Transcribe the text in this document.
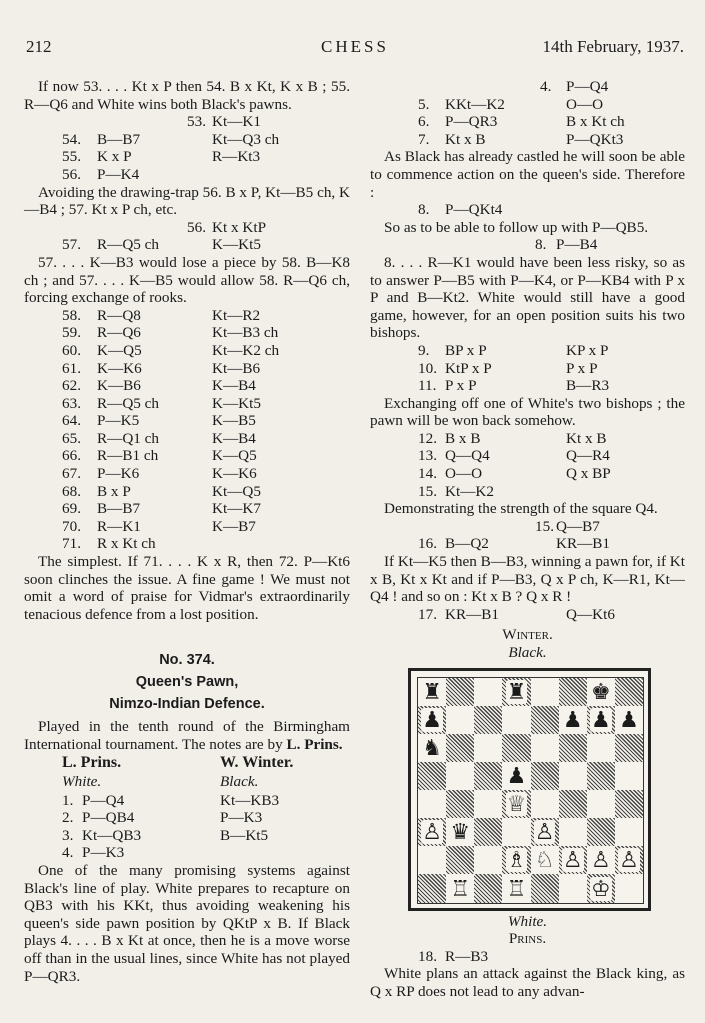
212	CHESS	14th February, 1937.

If now 53. . . . Kt x P then 54. B x Kt, K x B ; 55. R—Q6 and White wins both Black's pawns.

53. Kt—K1
54. B—B7	Kt—Q3 ch
55. K x P	R—Kt3
56. P—K4

Avoiding the drawing-trap 56. B x P, Kt—B5 ch, K—B4 ; 57. Kt x P ch, etc.

56. Kt x KtP
57. R—Q5 ch	K—Kt5

57. . . . K—B3 would lose a piece by 58. B—K8 ch ; and 57. . . . K—B5 would allow 58. R—Q6 ch, forcing exchange of rooks.

58. R—Q8	Kt—R2
59. R—Q6	Kt—B3 ch
60. K—Q5	Kt—K2 ch
61. K—K6	Kt—B6
62. K—B6	K—B4
63. R—Q5 ch	K—Kt5
64. P—K5	K—B5
65. R—Q1 ch	K—B4
66. R—B1 ch	K—Q5
67. P—K6	K—K6
68. B x P	Kt—Q5
69. B—B7	Kt—K7
70. R—K1	K—B7
71. R x Kt ch

The simplest. If 71. . . . K x R, then 72. P—Kt6 soon clinches the issue. A fine game ! We must not omit a word of praise for Vidmar's extraordinarily tenacious defence from a lost position.

No. 374.
Queen's Pawn,
Nimzo-Indian Defence.

Played in the tenth round of the Birmingham International tournament. The notes are by L. Prins.

L. Prins.
White.
W. Winter.
Black.
1. P—Q4	Kt—KB3
2. P—QB4	P—K3
3. Kt—QB3	B—Kt5
4. P—K3

One of the many promising systems against Black's line of play. White prepares to recapture on QB3 with his KKt, thus avoiding weakening his queen's side pawn position by QKtP x B. If Black plays 4. . . . B x Kt at once, then he is a move worse off than in the usual lines, since White has not played P—QR3.

4. P—Q4
5. KKt—K2	O—O
6. P—QR3	B x Kt ch
7. Kt x B	P—QKt3

As Black has already castled he will soon be able to commence action on the queen's side. Therefore :

8. P—QKt4

So as to be able to follow up with P—QB5.

8. P—B4

8. . . . R—K1 would have been less risky, so as to answer P—B5 with P—K4, or P—KB4 with P x P and B—Kt2. White would still have a good game, however, for an open position suits his two bishops.

9. BP x P	KP x P
10. KtP x P	P x P
11. P x P	B—R3

Exchanging off one of White's two bishops ; the pawn will be won back somehow.

12. B x B	Kt x B
13. Q—Q4	Q—R4
14. O—O	Q x BP
15. Kt—K2

Demonstrating the strength of the square Q4.

15. Q—B7
16. B—Q2	KR—B1

If Kt—K5 then B—B3, winning a pawn for, if Kt x B, Kt x Kt and if P—B3, Q x P ch, K—R1, Kt—Q4 ! and so on : Kt x B ? Q x R !

17. KR—B1	Q—Kt6
Winter.
Black.
♜	♜	♚
♟	♟ ♟ ♟
♞
♟
♕
♙ ♛	♙
♗ ♘ ♙ ♙ ♙
♖ ♖	♔
White.
Prins.
18. R—B3

White plans an attack against the Black king, as Q x RP does not lead to any advan-
